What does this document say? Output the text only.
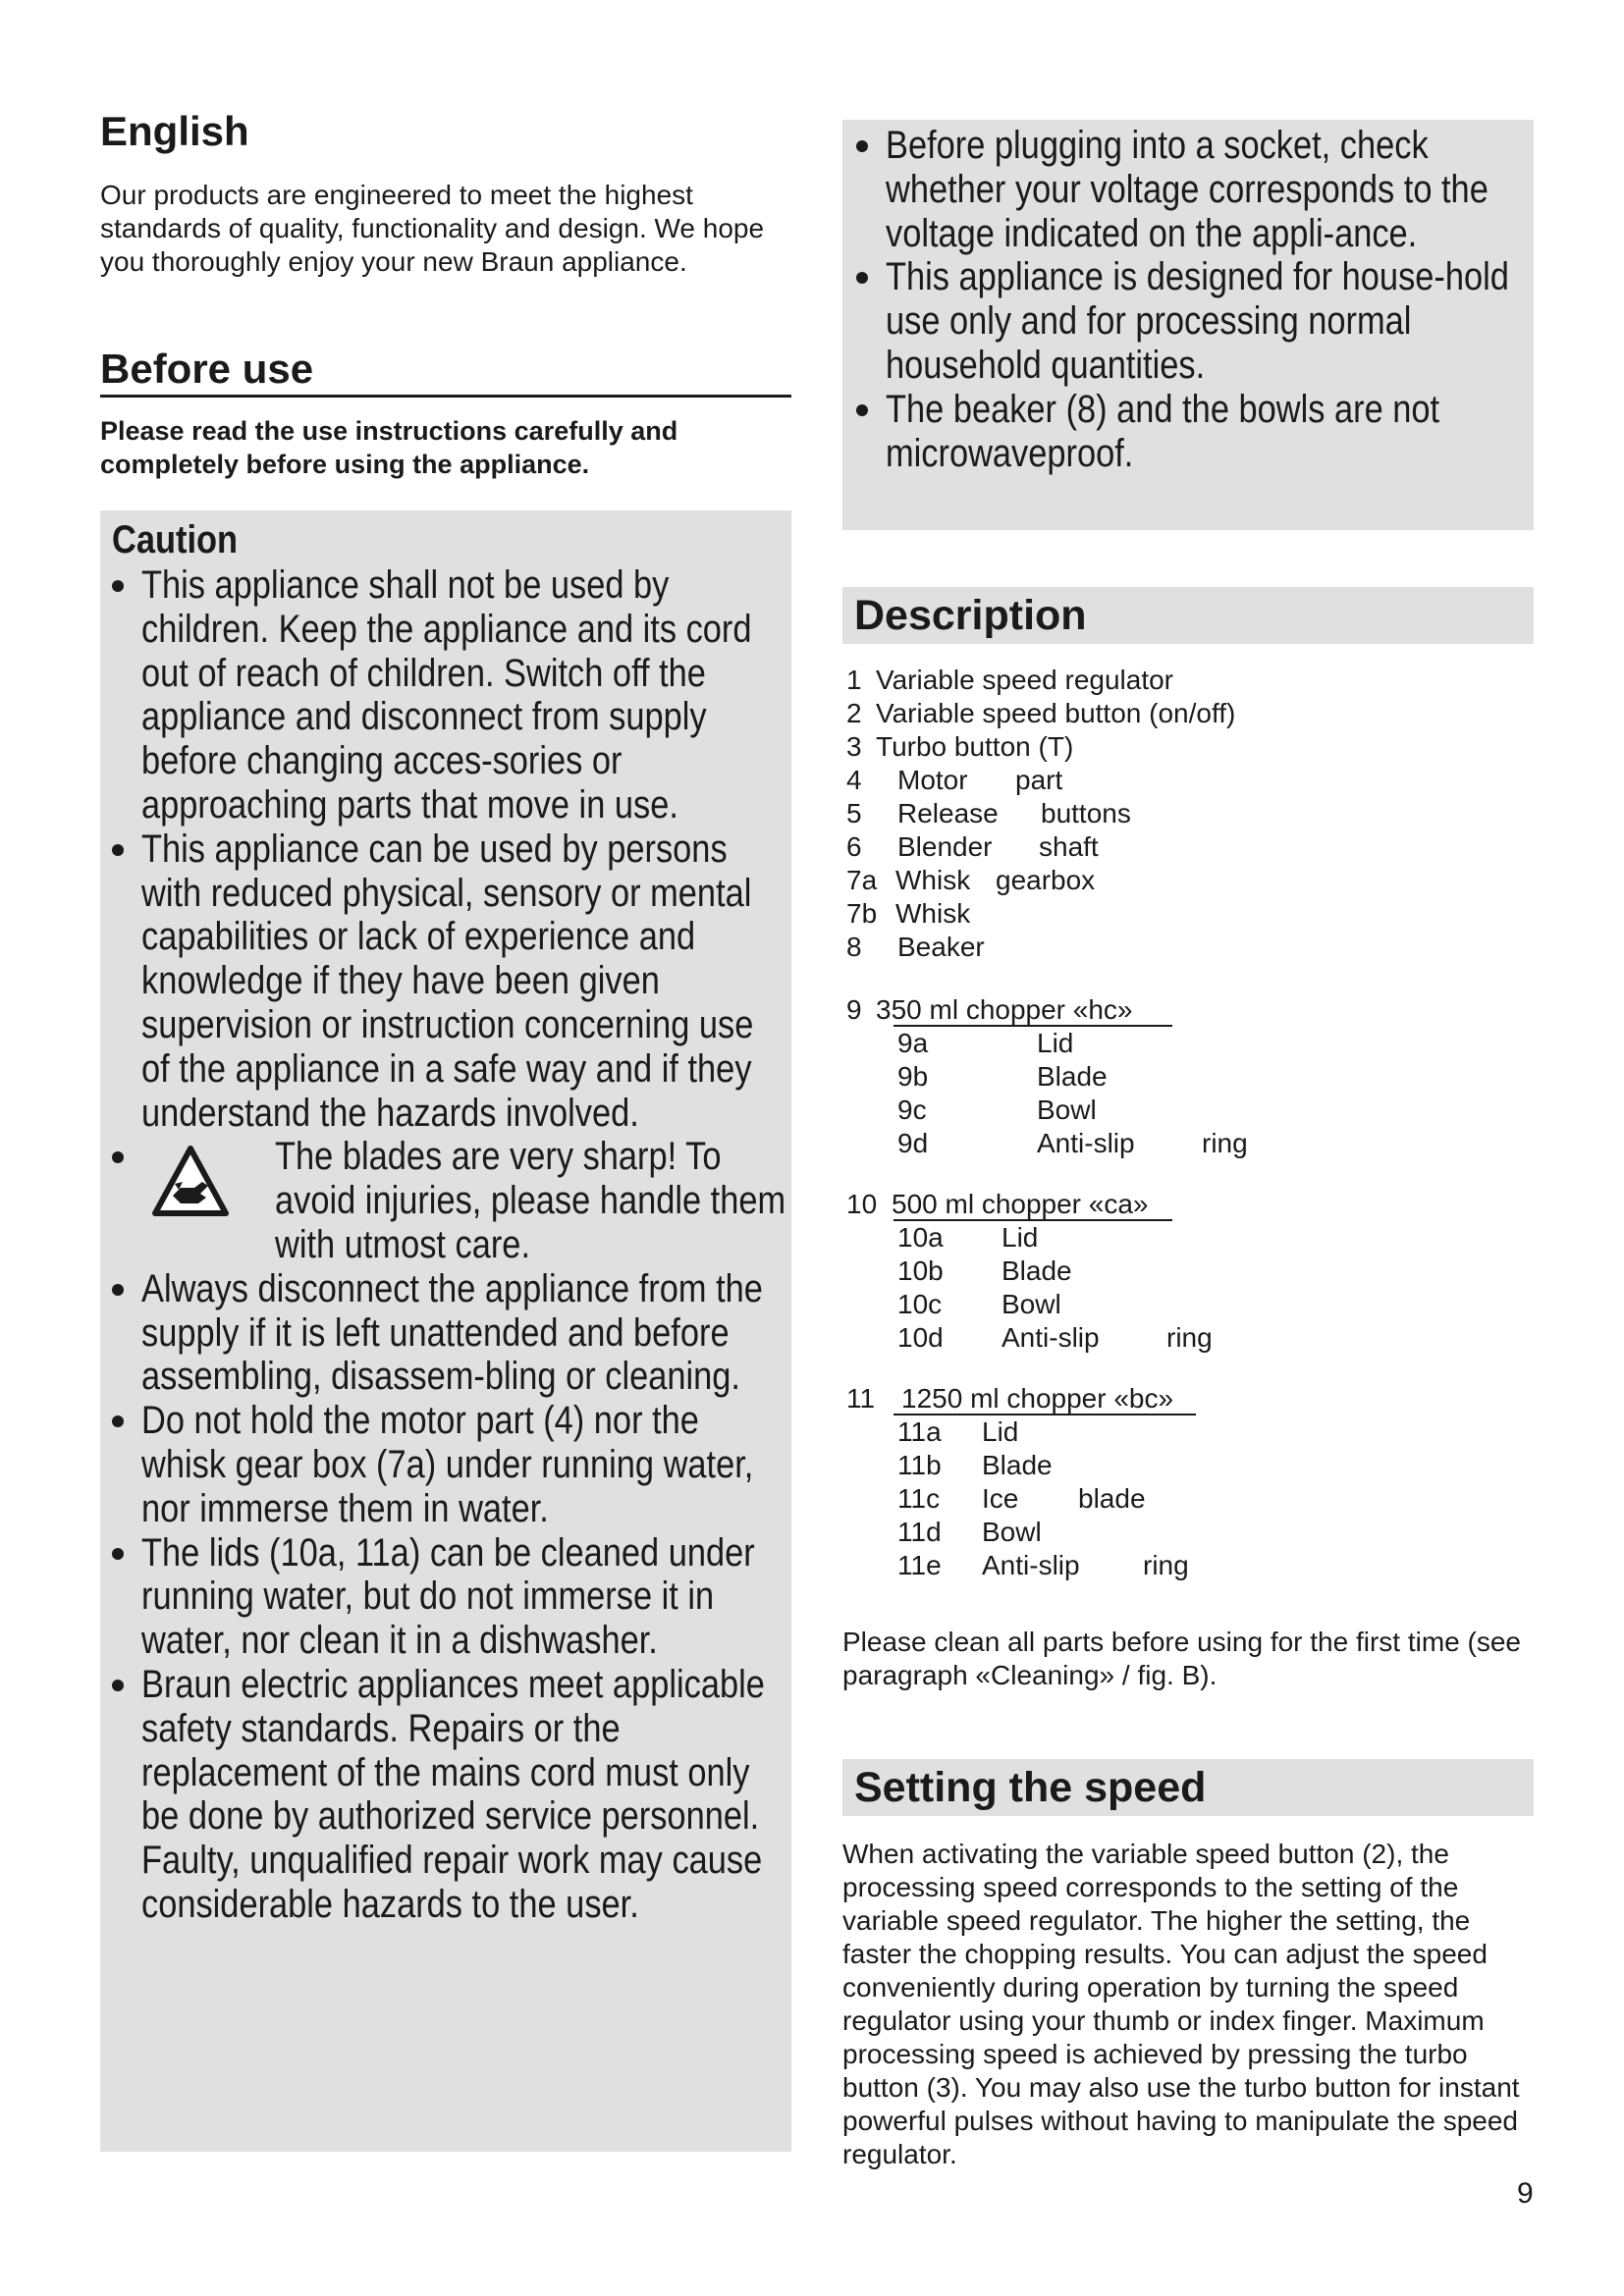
English

Our products are engineered to meet the highest standards of quality, functionality and design. We hope you thoroughly enjoy your new Braun appliance.

Before use

Please read the use instructions carefully and completely before using the appliance.

Caution
This appliance shall not be used by children. Keep the appliance and its cord out of reach of children. Switch off the appliance and disconnect from supply before changing acces-sories or approaching parts that move in use.
This appliance can be used by persons with reduced physical, sensory or mental capabilities or lack of experience and knowledge if they have been given supervision or instruction concerning use of the appliance in a safe way and if they understand the hazards involved.
The blades are very sharp! To avoid injuries, please handle them with utmost care.
Always disconnect the appliance from the supply if it is left unattended and before assembling, disassem-bling or cleaning.
Do not hold the motor part (4) nor the whisk gear box (7a) under running water, nor immerse them in water.
The lids (10a, 11a) can be cleaned under running water, but do not immerse it in water, nor clean it in a dishwasher.
Braun electric appliances meet applicable safety standards. Repairs or the replacement of the mains cord must only be done by authorized service personnel. Faulty, unqualified repair work may cause considerable hazards to the user.
Before plugging into a socket, check whether your voltage corresponds to the voltage indicated on the appli-ance.
This appliance is designed for house-hold use only and for processing normal household quantities.
The beaker (8) and the bowls are not microwaveproof.
Description
1 Variable speed regulator
2 Variable speed button (on/off)
3 Turbo button (T)
4 Motor part
5 Release buttons
6 Blender shaft
7a Whisk gearbox
7b Whisk
8 Beaker
9 350 ml chopper «hc»
9a	Lid
9b	Blade
9c	Bowl
9d	Anti-slip ring
10 500 ml chopper «ca»
10a Lid
10b Blade
10c Bowl
10d Anti-slip ring
11 1250 ml chopper «bc»
11a Lid
11b Blade
11c Ice blade
11d Bowl
11e Anti-slip ring

Please clean all parts before using for the first time (see paragraph «Cleaning» / fig. B).

Setting the speed

When activating the variable speed button (2), the processing speed corresponds to the setting of the variable speed regulator. The higher the setting, the faster the chopping results. You can adjust the speed conveniently during operation by turning the speed regulator using your thumb or index finger. Maximum processing speed is achieved by pressing the turbo button (3). You may also use the turbo button for instant powerful pulses without having to manipulate the speed regulator.

9
